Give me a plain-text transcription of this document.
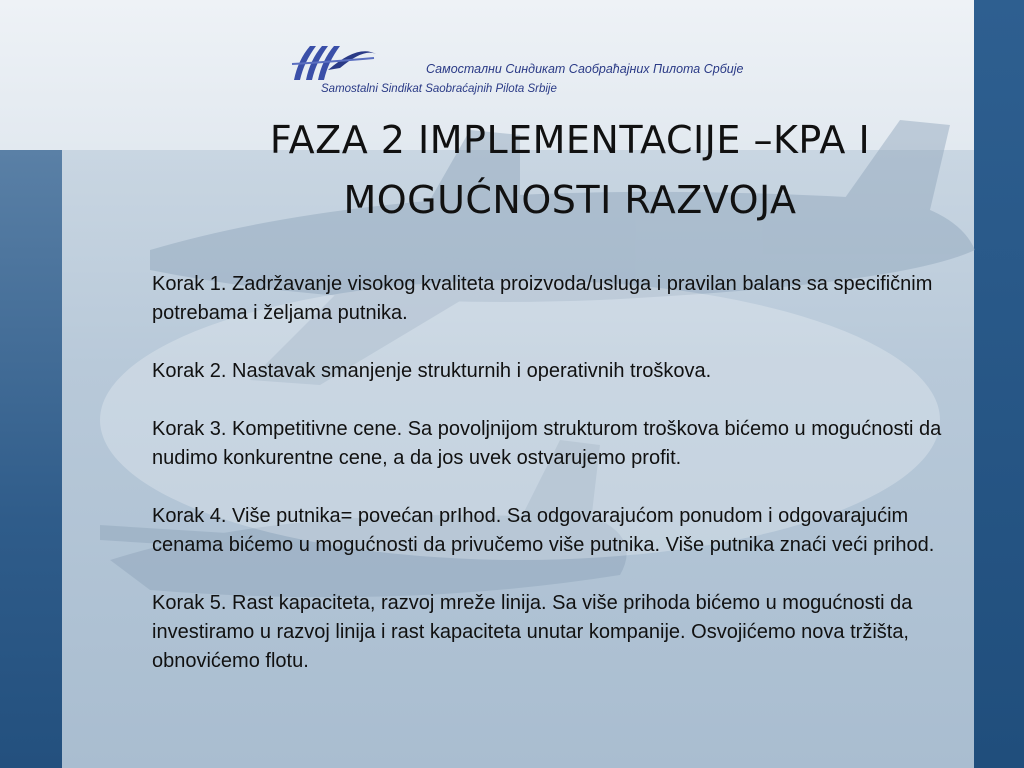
Самостални Синдикат Саобраћајних Пилота Србије
Samostalni Sindikat Saobraćajnih Pilota Srbije
FAZA 2 IMPLEMENTACIJE –KPA I
MOGUĆNOSTI RAZVOJA

Korak 1. Zadržavanje visokog kvaliteta proizvoda/usluga i pravilan balans sa specifičnim potrebama i željama putnika.

Korak 2. Nastavak smanjenje strukturnih i operativnih troškova.

Korak 3. Kompetitivne cene. Sa povoljnijom strukturom troškova bićemo u mogućnosti da nudimo konkurentne cene, a da jos uvek ostvarujemo profit.

Korak 4. Više putnika= povećan prIhod. Sa odgovarajućom ponudom i odgovarajućim cenama bićemo u mogućnosti da privučemo više putnika. Više putnika znaći veći prihod.

Korak 5. Rast kapaciteta, razvoj mreže linija. Sa više prihoda bićemo u mogućnosti da investiramo u razvoj linija i rast kapaciteta unutar kompanije. Osvojićemo nova tržišta, obnovićemo flotu.
